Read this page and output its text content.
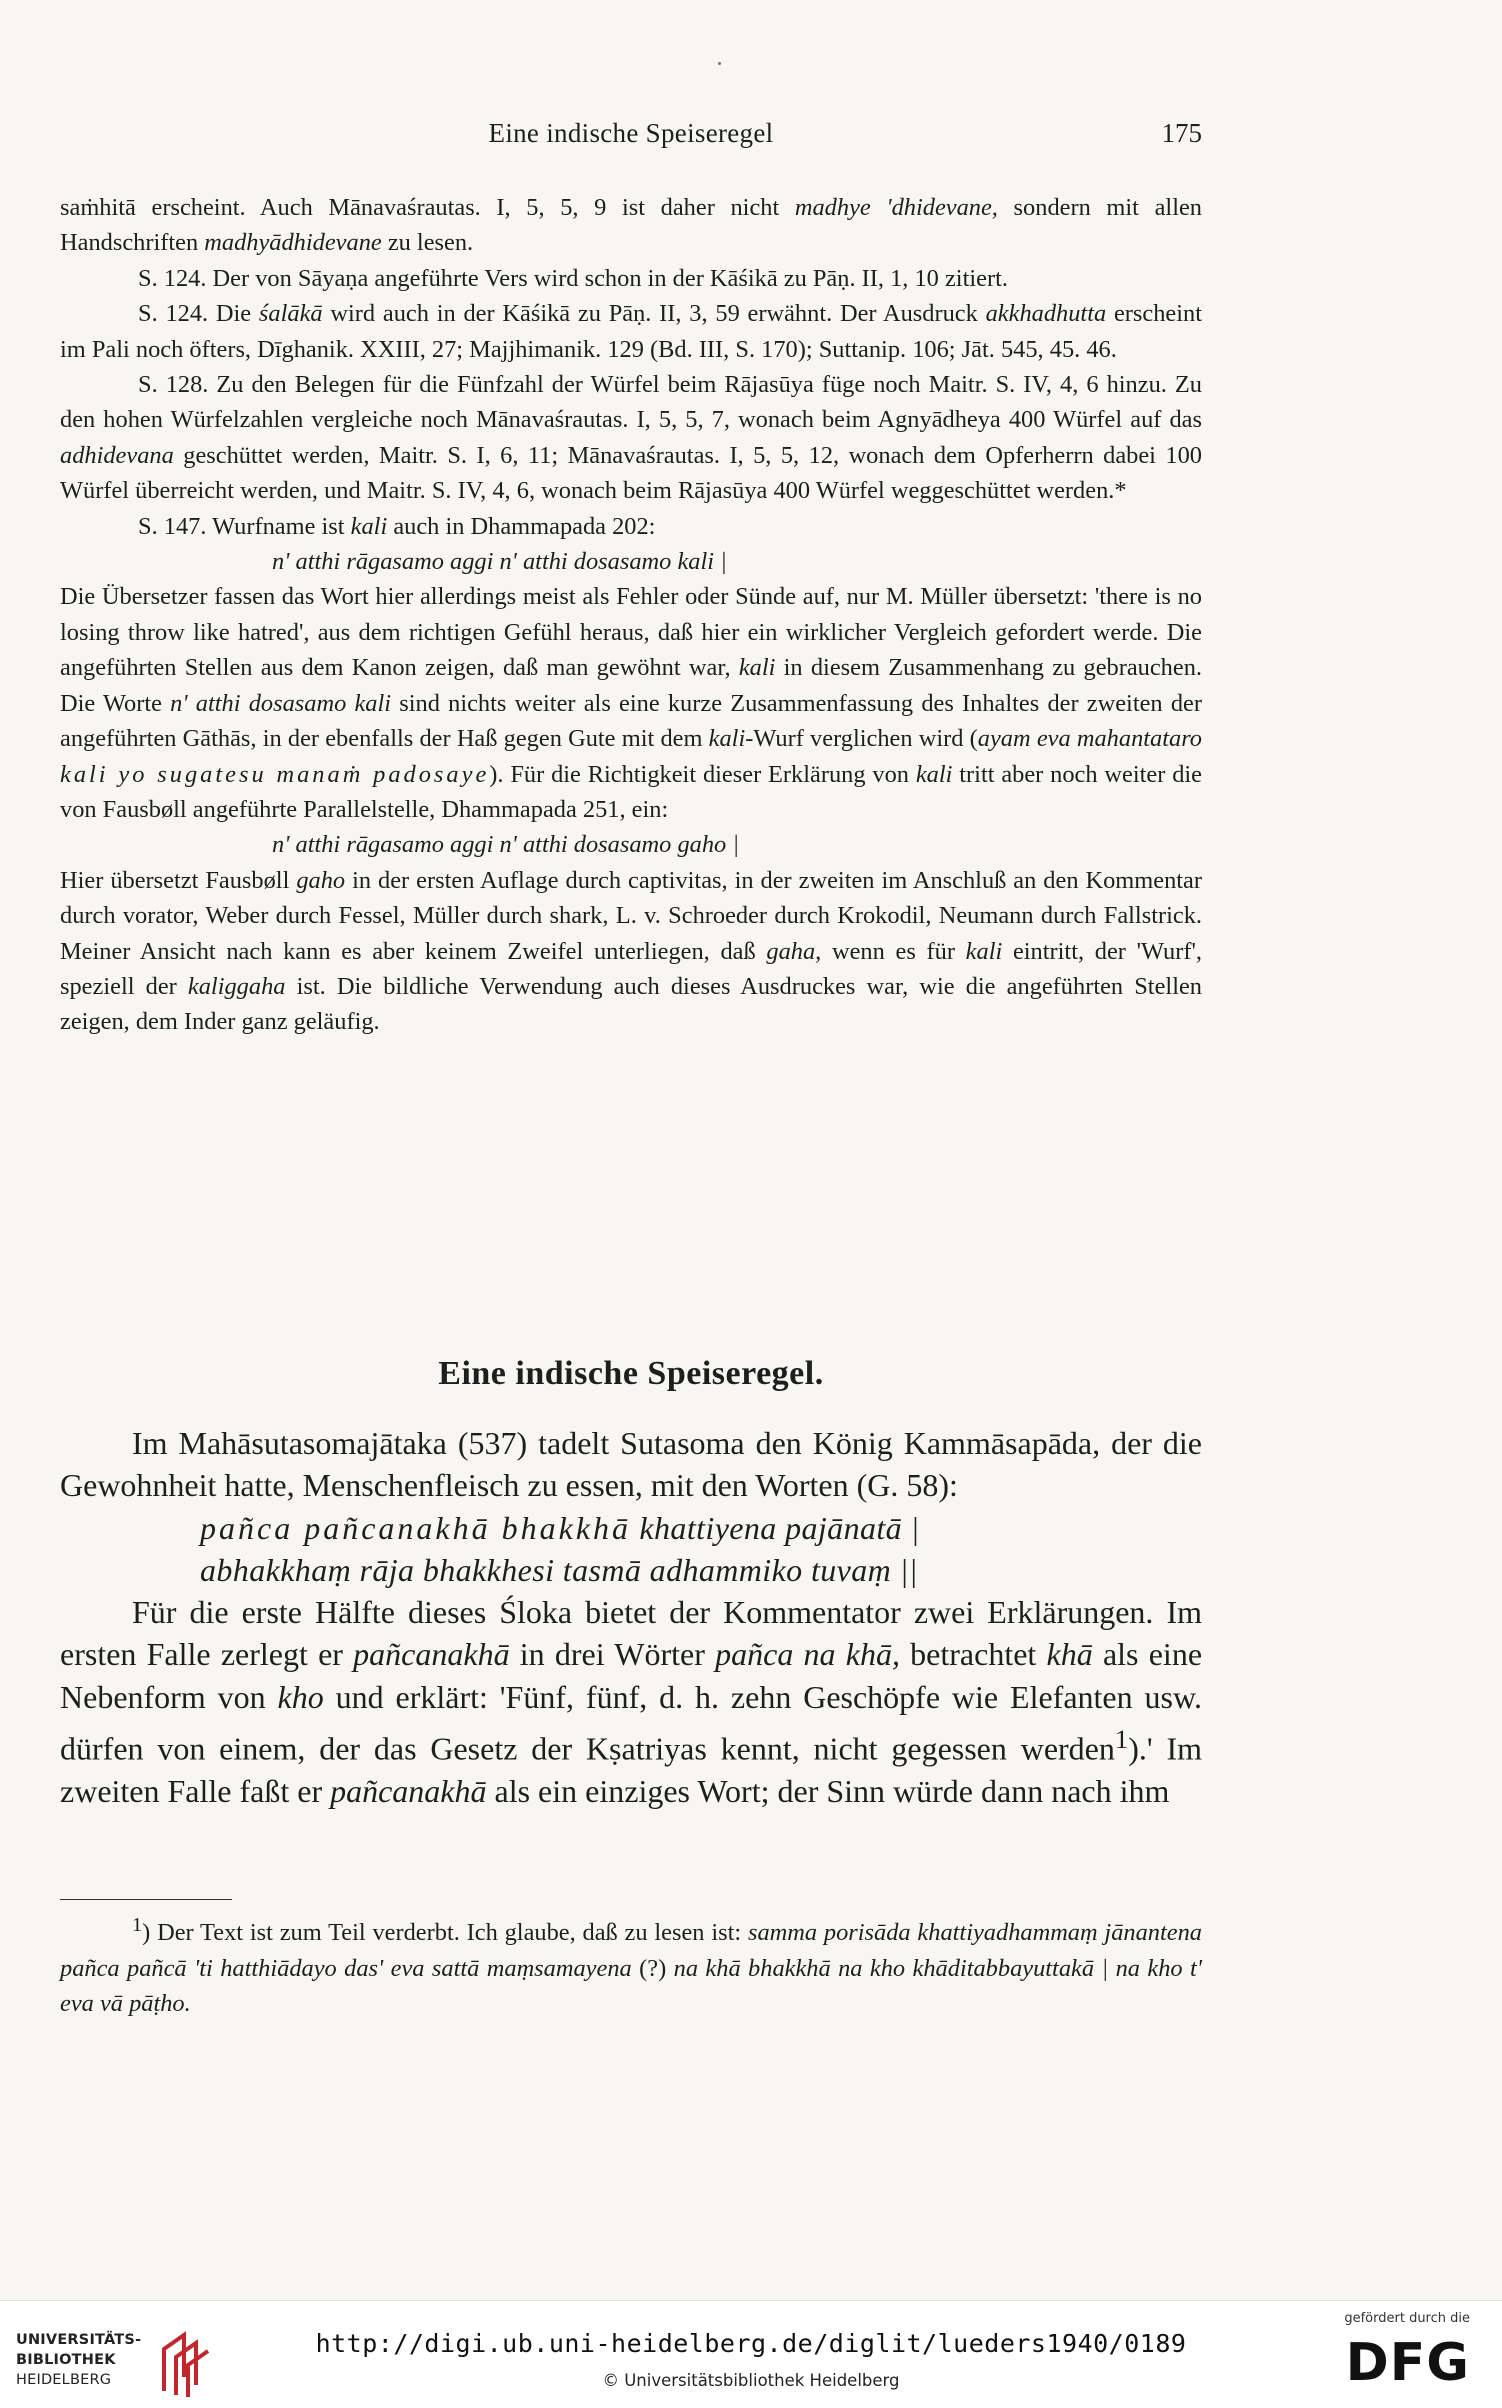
Eine indische Speiseregel	175

saṁhitā erscheint. Auch Mānavaśrautas. I, 5, 5, 9 ist daher nicht madhye 'dhidevane, sondern mit allen Handschriften madhyādhidevane zu lesen.

S. 124. Der von Sāyaṇa angeführte Vers wird schon in der Kāśikā zu Pāṇ. II, 1, 10 zitiert.

S. 124. Die śalākā wird auch in der Kāśikā zu Pāṇ. II, 3, 59 erwähnt. Der Ausdruck akkhadhutta erscheint im Pali noch öfters, Dīghanik. XXIII, 27; Majjhimanik. 129 (Bd. III, S. 170); Suttanip. 106; Jāt. 545, 45. 46.

S. 128. Zu den Belegen für die Fünfzahl der Würfel beim Rājasūya füge noch Maitr. S. IV, 4, 6 hinzu. Zu den hohen Würfelzahlen vergleiche noch Mānavaśrautas. I, 5, 5, 7, wonach beim Agnyādheya 400 Würfel auf das adhidevana geschüttet werden, Maitr. S. I, 6, 11; Mānavaśrautas. I, 5, 5, 12, wonach dem Opferherrn dabei 100 Würfel überreicht werden, und Maitr. S. IV, 4, 6, wonach beim Rājasūya 400 Würfel weggeschüttet werden.*

S. 147. Wurfname ist kali auch in Dhammapada 202:

n' atthi rāgasamo aggi n' atthi dosasamo kali |

Die Übersetzer fassen das Wort hier allerdings meist als Fehler oder Sünde auf, nur M. Müller übersetzt: 'there is no losing throw like hatred', aus dem richtigen Gefühl heraus, daß hier ein wirklicher Vergleich gefordert werde. Die angeführten Stellen aus dem Kanon zeigen, daß man gewöhnt war, kali in diesem Zusammenhang zu gebrauchen. Die Worte n' atthi dosasamo kali sind nichts weiter als eine kurze Zusammenfassung des Inhaltes der zweiten der angeführten Gāthās, in der ebenfalls der Haß gegen Gute mit dem kali-Wurf verglichen wird (ayam eva mahantataro kali yo sugatesu manaṁ padosaye). Für die Richtigkeit dieser Erklärung von kali tritt aber noch weiter die von Fausbøll angeführte Parallelstelle, Dhammapada 251, ein:

n' atthi rāgasamo aggi n' atthi dosasamo gaho |

Hier übersetzt Fausbøll gaho in der ersten Auflage durch captivitas, in der zweiten im Anschluß an den Kommentar durch vorator, Weber durch Fessel, Müller durch shark, L. v. Schroeder durch Krokodil, Neumann durch Fallstrick. Meiner Ansicht nach kann es aber keinem Zweifel unterliegen, daß gaha, wenn es für kali eintritt, der 'Wurf', speziell der kaliggaha ist. Die bildliche Verwendung auch dieses Ausdruckes war, wie die angeführten Stellen zeigen, dem Inder ganz geläufig.

Eine indische Speiseregel.

Im Mahāsutasomajātaka (537) tadelt Sutasoma den König Kammāsapāda, der die Gewohnheit hatte, Menschenfleisch zu essen, mit den Worten (G. 58):

pañca pañcanakhā bhakkhā khattiyena pajānatā |

abhakkhaṃ rāja bhakkhesi tasmā adhammiko tuvaṃ ||

Für die erste Hälfte dieses Śloka bietet der Kommentator zwei Erklärungen. Im ersten Falle zerlegt er pañcanakhā in drei Wörter pañca na khā, betrachtet khā als eine Nebenform von kho und erklärt: 'Fünf, fünf, d. h. zehn Geschöpfe wie Elefanten usw. dürfen von einem, der das Gesetz der Kṣatriyas kennt, nicht gegessen werden$^1$).' Im zweiten Falle faßt er pañcanakhā als ein einziges Wort; der Sinn würde dann nach ihm

$^1$) Der Text ist zum Teil verderbt. Ich glaube, daß zu lesen ist: samma porisāda khattiyadhammaṃ jānantena pañca pañcā 'ti hatthiādayo das' eva sattā maṃsamayena (?) na khā bhakkhā na kho khāditabbayuttakā | na kho t' eva vā pāṭho.

UNIVERSITÄTS-
BIBLIOTHEK
HEIDELBERG
http://digi.ub.uni-heidelberg.de/diglit/lueders1940/0189
© Universitätsbibliothek Heidelberg
gefördert durch die
DFG
